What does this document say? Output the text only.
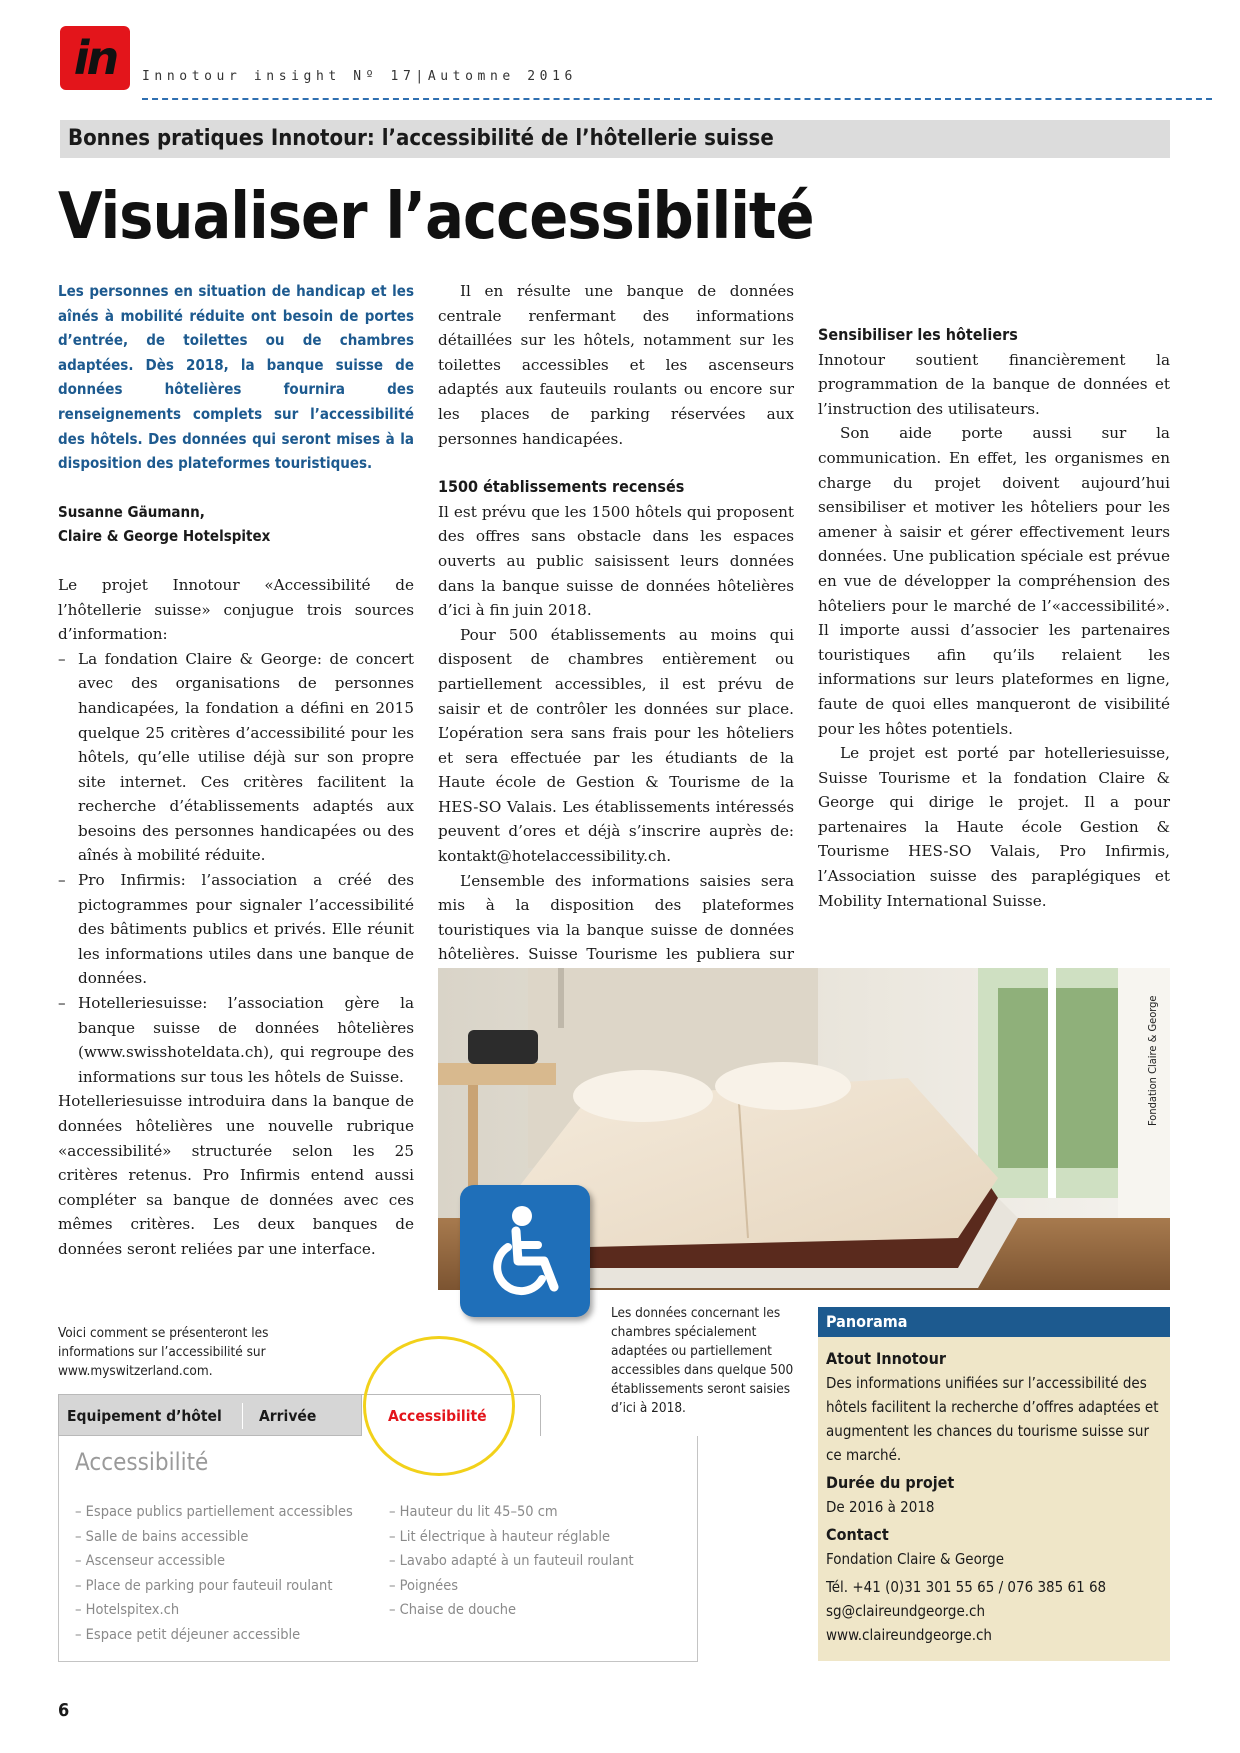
in	Innotour insight Nº 17|Automne 2016
Bonnes pratiques Innotour: l’accessibilité de l’hôtellerie suisse
Visualiser l’accessibilité

Les personnes en situation de handicap et les aînés à mobilité réduite ont besoin de portes d’entrée, de toilettes ou de chambres adaptées. Dès 2018, la banque suisse de données hôtelières fournira des renseignements complets sur l’accessibilité des hôtels. Des données qui seront mises à la disposition des plateformes touristiques.

Susanne Gäumann,
Claire & George Hotelspitex

Le projet Innotour «Accessibilité de l’hôtellerie suisse» conjugue trois sources d’information:

– La fondation Claire & George: de concert avec des organisations de personnes handicapées, la fondation a défini en 2015 quelque 25 critères d’accessibilité pour les hôtels, qu’elle utilise déjà sur son propre site internet. Ces critères facilitent la recherche d’établissements adaptés aux besoins des personnes handicapées ou des aînés à mobilité réduite.
– Pro Infirmis: l’association a créé des pictogrammes pour signaler l’accessibilité des bâtiments publics et privés. Elle réunit les informations utiles dans une banque de données.
– Hotelleriesuisse: l’association gère la banque suisse de données hôtelières (www.swisshoteldata.ch), qui regroupe des informations sur tous les hôtels de Suisse.

Hotelleriesuisse introduira dans la banque de données hôtelières une nouvelle rubrique «accessibilité» structurée selon les 25 critères retenus. Pro Infirmis entend aussi compléter sa banque de données avec ces mêmes critères. Les deux banques de données seront reliées par une interface.

Il en résulte une banque de données centrale renfermant des informations détaillées sur les hôtels, notamment sur les toilettes accessibles et les ascenseurs adaptés aux fauteuils roulants ou encore sur les places de parking réservées aux personnes handicapées.

1500 établissements recensés

Il est prévu que les 1500 hôtels qui proposent des offres sans obstacle dans les espaces ouverts au public saisissent leurs données dans la banque suisse de données hôtelières d’ici à fin juin 2018.

Pour 500 établissements au moins qui disposent de chambres entièrement ou partiellement accessibles, il est prévu de saisir et de contrôler les données sur place. L’opération sera sans frais pour les hôteliers et sera effectuée par les étudiants de la Haute école de Gestion & Tourisme de la HES-SO Valais. Les établissements intéressés peuvent d’ores et déjà s’inscrire auprès de: kontakt@hotelaccessibility.ch.

L’ensemble des informations saisies sera mis à la disposition des plateformes touristiques via la banque suisse de données hôtelières. Suisse Tourisme les publiera sur

Sensibiliser les hôteliers

Innotour soutient financièrement la programmation de la banque de données et l’instruction des utilisateurs.

Son aide porte aussi sur la communication. En effet, les organismes en charge du projet doivent aujourd’hui sensibiliser et motiver les hôteliers pour les amener à saisir et gérer effectivement leurs données. Une publication spéciale est prévue en vue de développer la compréhension des hôteliers pour le marché de l’«accessibilité». Il importe aussi d’associer les partenaires touristiques afin qu’ils relaient les informations sur leurs plateformes en ligne, faute de quoi elles manqueront de visibilité pour les hôtes potentiels.

Le projet est porté par hotelleriesuisse, Suisse Tourisme et la fondation Claire & George qui dirige le projet. Il a pour partenaires la Haute école Gestion & Tourisme HES-SO Valais, Pro Infirmis, l’Association suisse des paraplégiques et Mobility International Suisse.

Fondation Claire & George
Les données concernant les chambres spécialement adaptées ou partiellement accessibles dans quelque 500 établissements seront saisies d’ici à 2018.
Voici comment se présenteront les informations sur l’accessibilité sur www.myswitzerland.com.
Equipement d’hôtel Arrivée	Accessibilité
Accessibilité
– Espace publics partiellement accessibles
– Salle de bains accessible
– Ascenseur accessible
– Place de parking pour fauteuil roulant
– Hotelspitex.ch
– Espace petit déjeuner accessible
– Hauteur du lit 45–50 cm
– Lit électrique à hauteur réglable
– Lavabo adapté à un fauteuil roulant
– Poignées
– Chaise de douche
Panorama
Atout Innotour
Des informations unifiées sur l’accessibilité des hôtels facilitent la recherche d’offres adaptées et augmentent les chances du tourisme suisse sur ce marché.
Durée du projet
De 2016 à 2018
Contact
Fondation Claire & George
Tél. +41 (0)31 301 55 65 / 076 385 61 68
sg@claireundgeorge.ch
www.claireundgeorge.ch
6
